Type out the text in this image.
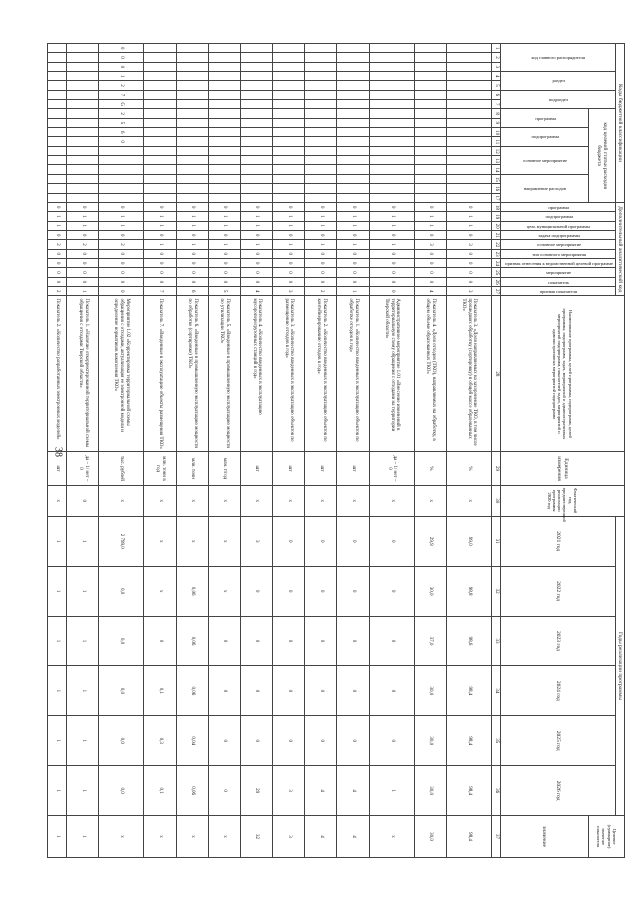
38
Коды бюджетной классификации																	Дополнительный аналитический код										Наименование программы, целей программы, подпрограмм, целей программы, подпрограмм, задач, мероприятий и административных мероприятий подпрограмм, показателей задач, мероприятий и административных мероприятий подпрограмм	Единица измерения	Фактический год, предшествующий реализации программы 2020 год	Годы реализации программы						Целевое (суммарное) значение показателя
код главного распорядителя			раздел		подраздел		код целевой статьи расходов бюджета										программа	подпрограмма	цель муниципальной программы	задача подпрограммы	основное мероприятие	тип основного мероприятия	признак отнесения к ведомственной целевой программе	мероприятие	показатель	признак показателя				2021 год	2022 год	2023 год	2024 год	2025 год	2026 год	
							программа		подпрограмма		основное мероприятие			направление расходов																						значение
1	2	3	4	5	6	7	8	9	10	11	12	13	14	15	16	17	18	19	20	21	22	23	24	25	26	27	28	29	30	31	32	33	34	35	36	37
																	0	1	1	0	3	0	0	0	0	3	Показатель 3. «Доля направляемых на захоронение ТКО, в том числе прошедших обработку (сортировку) в общей массе образованных ТКО»	%	х	99,0	98,8	98,6	98,4	98,4	98,4	98,4
																	0	1	1	0	3	0	0	0	0	4	Показатель 4. «Доля отходов (ТКО), направляемых на обработку, в общем объеме образованных ТКО»	%	х	29,9	30,0	37,0	30,0	30,0	30,0	30,0
																	0	1	1	0	1	0	0	0	0	0	Административное мероприятие 1.01 «Внесение изменений в территориальную схему обращения с отходами на территории Тверской области»	да – 1/ нет – 0	х	0	0	0	0	0	1	х
																	0	1	1	0	1	0	0	0	0	1	Показатель 1. «Количество введенных в эксплуатацию объектов по обработке отходов в год»	шт	х	0	0	0	0	0	4	4
																	0	1	1	0	1	0	0	0	0	2	Показатель 2. «Количество введенных в эксплуатацию объектов по контейнерированию отходов в год»	шт	х	0	0	0	0	0	4	4
																	0	1	1	0	1	0	0	0	0	3	Показатель 3. «Количество введенных в эксплуатацию объектов по размещению отходов в год»	шт	х	0	0	0	0	0	3	3
																	0	1	1	0	1	0	0	0	0	4	Показатель 4. «Количество введенных в эксплуатацию мусороперегрузочных станций в год»	шт	х	3	0	0	0	0	29	32
																	0	1	1	0	1	0	0	0	0	5	Показатель 5. «Введенные в промышленную эксплуатацию мощности по утилизации ТКО»	млн. т/год	х	х	х	0	0	0	0	х
																	0	1	1	0	1	0	0	0	0	6	Показатель 6. «Введенные в промышленную эксплуатацию мощности по обработке (сортировке) ТКО»	млн. тонн	х	х	0,06	0,06	0,06	0,04	0,06	х
																	0	1	1	0	1	0	0	0	0	7	Показатель 7. «Введенные в эксплуатацию объекты размещения ТКО»	млн. тонн в год	х	х	х	0	0,1	0,3	0,1	х
0	0	0	1	2	7	G	2	5	6	0							0	1	1	0	2	0	0	0	0	0	Мероприятие 1.02 «Корректировка территориальной схемы обращения с отходами, актуализация ее электронной модели и определение нормативов накопления ТКО»	тыс. рублей	х	2 799,0	0,0	0,0	0,0	0,0	0,0	х
																	0	1	1	0	2	0	0	0	0	1	Показатель 1. «Наличие откорректированной территориальной схемы обращения с отходами Тверской области»	да – 1/ нет – 0	0	1	1	1	1	1	1	1
																	0	1	1	0	2	0	0	0	0	2	Показатель 2. «Количество разработанных электронных моделей»	шт	х	1	1	1	1	1	1	1
